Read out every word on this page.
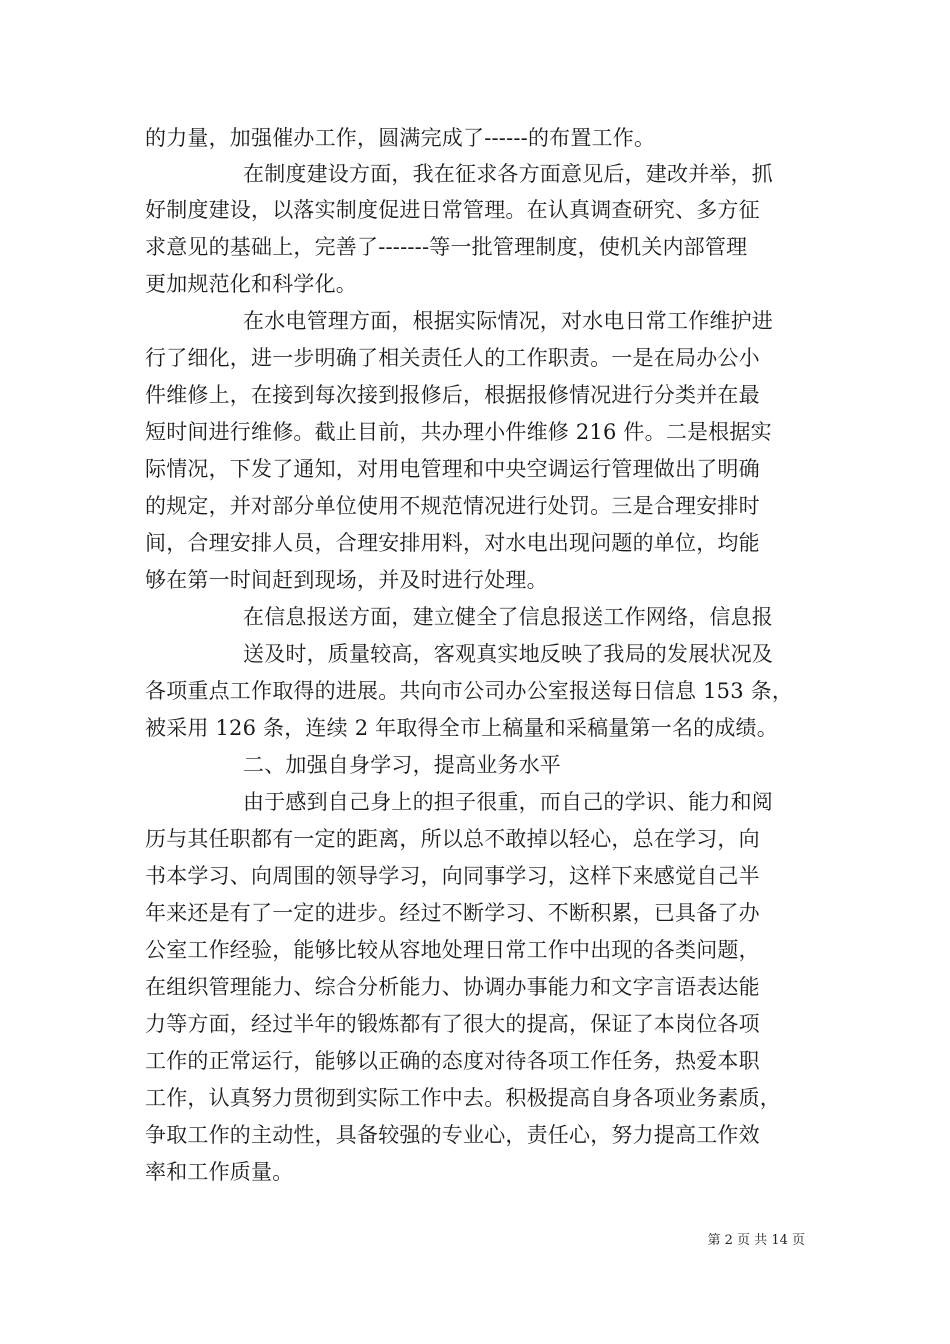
的力量，加强催办工作，圆满完成了------的布置工作。
在制度建设方面，我在征求各方面意见后，建改并举，抓
好制度建设，以落实制度促进日常管理。在认真调查研究、多方征
求意见的基础上，完善了-------等一批管理制度，使机关内部管理
更加规范化和科学化。
在水电管理方面，根据实际情况，对水电日常工作维护进
行了细化，进一步明确了相关责任人的工作职责。一是在局办公小
件维修上，在接到每次接到报修后，根据报修情况进行分类并在最
短时间进行维修。截止目前，共办理小件维修 216 件。二是根据实
际情况，下发了通知，对用电管理和中央空调运行管理做出了明确
的规定，并对部分单位使用不规范情况进行处罚。三是合理安排时
间，合理安排人员，合理安排用料，对水电出现问题的单位，均能
够在第一时间赶到现场，并及时进行处理。
在信息报送方面，建立健全了信息报送工作网络，信息报
送及时，质量较高，客观真实地反映了我局的发展状况及
各项重点工作取得的进展。共向市公司办公室报送每日信息 153 条，
被采用 126 条，连续 2 年取得全市上稿量和采稿量第一名的成绩。
二、加强自身学习，提高业务水平
由于感到自己身上的担子很重，而自己的学识、能力和阅
历与其任职都有一定的距离，所以总不敢掉以轻心，总在学习，向
书本学习、向周围的领导学习，向同事学习，这样下来感觉自己半
年来还是有了一定的进步。经过不断学习、不断积累，已具备了办
公室工作经验，能够比较从容地处理日常工作中出现的各类问题，
在组织管理能力、综合分析能力、协调办事能力和文字言语表达能
力等方面，经过半年的锻炼都有了很大的提高，保证了本岗位各项
工作的正常运行，能够以正确的态度对待各项工作任务，热爱本职
工作，认真努力贯彻到实际工作中去。积极提高自身各项业务素质，
争取工作的主动性，具备较强的专业心，责任心，努力提高工作效
率和工作质量。
第 2 页 共 14 页
